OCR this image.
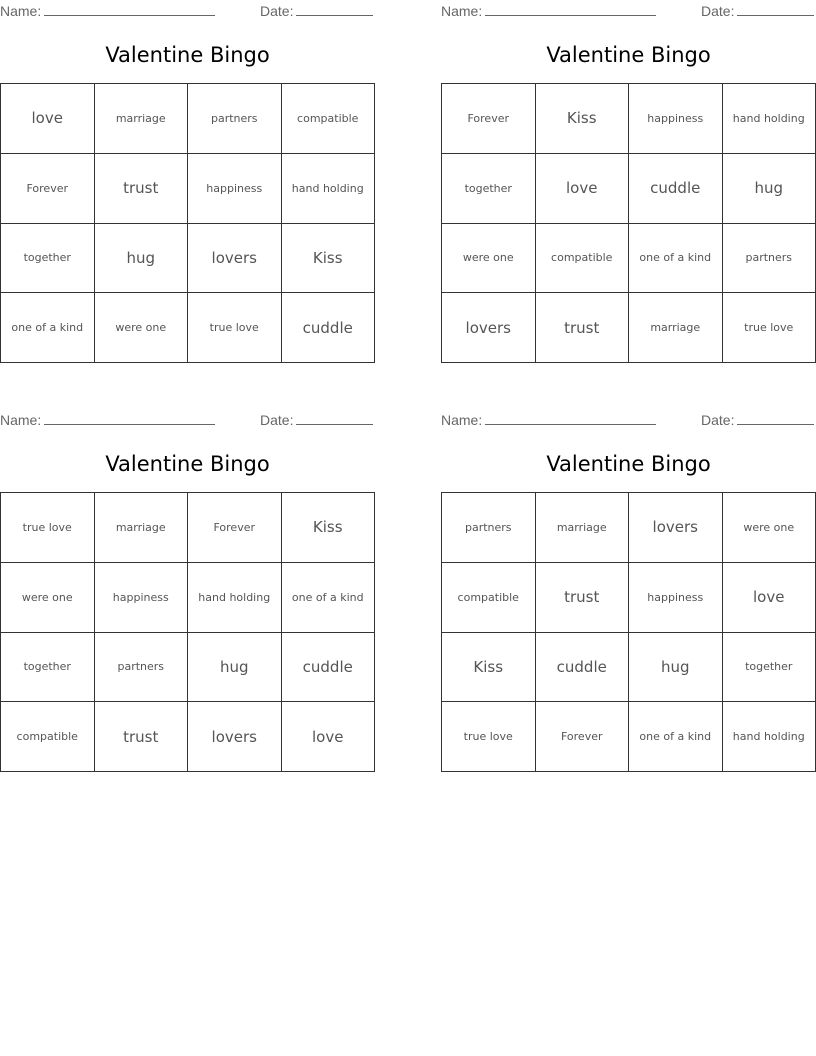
Name:	Date:
Valentine Bingo
love	marriage	partners	compatible
Forever	trust	happiness	hand holding
together	hug	lovers	Kiss
one of a kind	were one	true love	cuddle
Name:	Date:
Valentine Bingo
Forever	Kiss	happiness	hand holding
together	love	cuddle	hug
were one	compatible	one of a kind	partners
lovers	trust	marriage	true love
Name:	Date:
Valentine Bingo
true love	marriage	Forever	Kiss
were one	happiness	hand holding	one of a kind
together	partners	hug	cuddle
compatible	trust	lovers	love
Name:	Date:
Valentine Bingo
partners	marriage	lovers	were one
compatible	trust	happiness	love
Kiss	cuddle	hug	together
true love	Forever	one of a kind	hand holding
